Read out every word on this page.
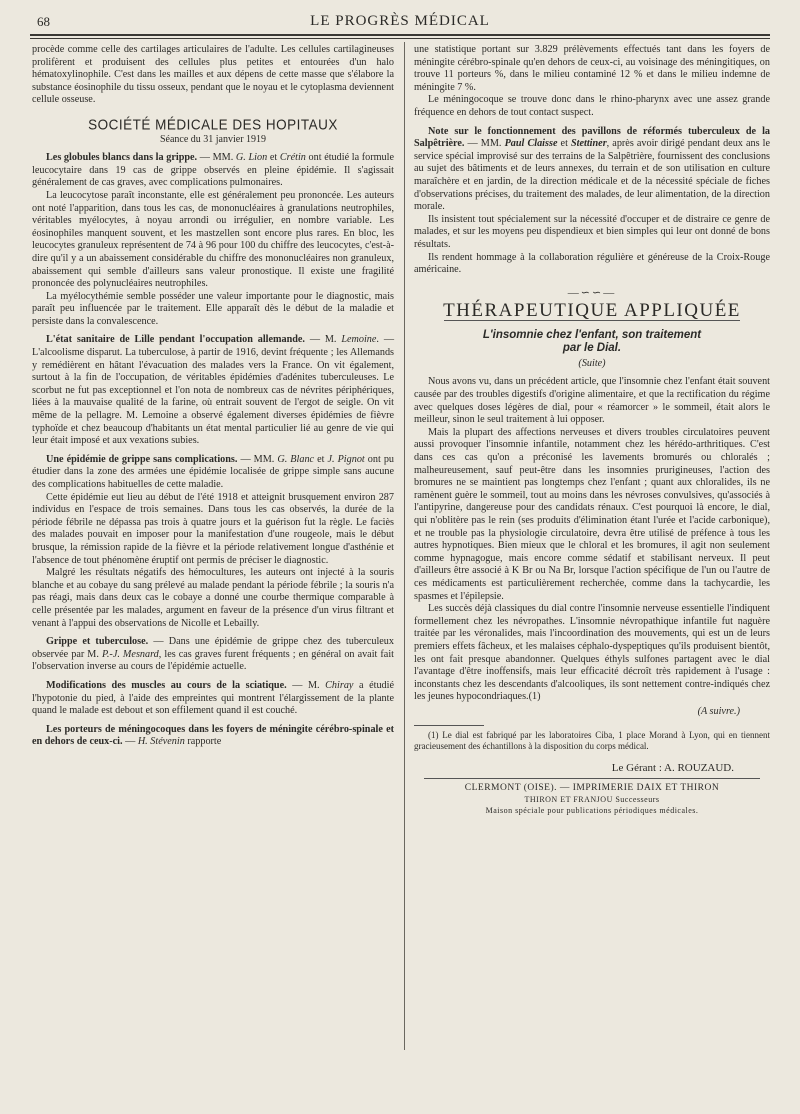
68	LE PROGRÈS MÉDICAL

procède comme celle des cartilages articulaires de l'adulte. Les cellules cartilagineuses prolifèrent et produisent des cellules plus petites et entourées d'un halo hématoxylinophile. C'est dans les mailles et aux dépens de cette masse que s'élabore la substance éosinophile du tissu osseux, pendant que le noyau et le cytoplasma deviennent cellule osseuse.

SOCIÉTÉ MÉDICALE DES HOPITAUX
Séance du 31 janvier 1919

Les globules blancs dans la grippe. — MM. G. Lion et Crétin ont étudié la formule leucocytaire dans 19 cas de grippe observés en pleine épidémie. Il s'agissait généralement de cas graves, avec complications pulmonaires.

La leucocytose paraît inconstante, elle est généralement peu prononcée. Les auteurs ont noté l'apparition, dans tous les cas, de mononucléaires à granulations neutrophiles, véritables myélocytes, à noyau arrondi ou irrégulier, en nombre variable. Les éosinophiles manquent souvent, et les mastzellen sont encore plus rares. En bloc, les leucocytes granuleux représentent de 74 à 96 pour 100 du chiffre des leucocytes, c'est-à-dire qu'il y a un abaissement considérable du chiffre des mononucléaires non granuleux, abaissement qui semble d'ailleurs sans valeur pronostique. Il existe une fragilité prononcée des polynucléaires neutrophiles.

La myélocythémie semble posséder une valeur importante pour le diagnostic, mais paraît peu influencée par le traitement. Elle apparaît dès le début de la maladie et persiste dans la convalescence.

L'état sanitaire de Lille pendant l'occupation allemande. — M. Lemoine. — L'alcoolisme disparut. La tuberculose, à partir de 1916, devint fréquente ; les Allemands y remédièrent en hâtant l'évacuation des malades vers la France. On vit également, surtout à la fin de l'occupation, de véritables épidémies d'adénites tuberculeuses. Le scorbut ne fut pas exceptionnel et l'on nota de nombreux cas de névrites périphériques, liées à la mauvaise qualité de la farine, où entrait souvent de l'ergot de seigle. On vit même de la pellagre. M. Lemoine a observé également diverses épidémies de fièvre typhoïde et chez beaucoup d'habitants un état mental particulier lié au genre de vie qui leur était imposé et aux vexations subies.

Une épidémie de grippe sans complications. — MM. G. Blanc et J. Pignot ont pu étudier dans la zone des armées une épidémie localisée de grippe simple sans aucune des complications habituelles de cette maladie.

Cette épidémie eut lieu au début de l'été 1918 et atteignit brusquement environ 287 individus en l'espace de trois semaines. Dans tous les cas observés, la durée de la période fébrile ne dépassa pas trois à quatre jours et la guérison fut la règle. Le faciès des malades pouvait en imposer pour la manifestation d'une rougeole, mais le début brusque, la rémission rapide de la fièvre et la période relativement longue d'asthénie et l'absence de tout phénomène éruptif ont permis de préciser le diagnostic.

Malgré les résultats négatifs des hémocultures, les auteurs ont injecté à la souris blanche et au cobaye du sang prélevé au malade pendant la période fébrile ; la souris n'a pas réagi, mais dans deux cas le cobaye a donné une courbe thermique comparable à celle présentée par les malades, argument en faveur de la présence d'un virus filtrant et venant à l'appui des observations de Nicolle et Lebailly.

Grippe et tuberculose. — Dans une épidémie de grippe chez des tuberculeux observée par M. P.-J. Mesnard, les cas graves furent fréquents ; en général on avait fait l'observation inverse au cours de l'épidémie actuelle.

Modifications des muscles au cours de la sciatique. — M. Chiray a étudié l'hypotonie du pied, à l'aide des empreintes qui montrent l'élargissement de la plante quand le malade est debout et son effilement quand il est couché.

Les porteurs de méningocoques dans les foyers de méningite cérébro-spinale et en dehors de ceux-ci. — H. Stévenin rapporte

une statistique portant sur 3.829 prélèvements effectués tant dans les foyers de méningite cérébro-spinale qu'en dehors de ceux-ci, au voisinage des méningitiques, on trouve 11 porteurs %, dans le milieu contaminé 12 % et dans le milieu indemne de méningite 7 %.

Le méningocoque se trouve donc dans le rhino-pharynx avec une assez grande fréquence en dehors de tout contact suspect.

Note sur le fonctionnement des pavillons de réformés tuberculeux de la Salpêtrière. — MM. Paul Claisse et Stettiner, après avoir dirigé pendant deux ans le service spécial improvisé sur des terrains de la Salpêtrière, fournissent des conclusions au sujet des bâtiments et de leurs annexes, du terrain et de son utilisation en culture maraîchère et en jardin, de la direction médicale et de la nécessité spéciale de fiches d'observations précises, du traitement des malades, de leur alimentation, de la direction morale.

Ils insistent tout spécialement sur la nécessité d'occuper et de distraire ce genre de malades, et sur les moyens peu dispendieux et bien simples qui leur ont donné de bons résultats.

Ils rendent hommage à la collaboration régulière et généreuse de la Croix-Rouge américaine.

—∽∽—
THÉRAPEUTIQUE APPLIQUÉE
L'insomnie chez l'enfant, son traitement
par le Dial.
(Suite)

Nous avons vu, dans un précédent article, que l'insomnie chez l'enfant était souvent causée par des troubles digestifs d'origine alimentaire, et que la rectification du régime avec quelques doses légères de dial, pour « réamorcer » le sommeil, était alors le meilleur, sinon le seul traitement à lui opposer.

Mais la plupart des affections nerveuses et divers troubles circulatoires peuvent aussi provoquer l'insomnie infantile, notamment chez les hérédo-arthritiques. C'est dans ces cas qu'on a préconisé les lavements bromurés ou chloralés ; malheureusement, sauf peut-être dans les insomnies prurigineuses, l'action des bromures ne se maintient pas longtemps chez l'enfant ; quant aux chloralides, ils ne ramènent guère le sommeil, tout au moins dans les névroses convulsives, qu'associés à l'antipyrine, dangereuse pour des candidats rénaux. C'est pourquoi là encore, le dial, qui n'oblitère pas le rein (ses produits d'élimination étant l'urée et l'acide carbonique), et ne trouble pas la physiologie circulatoire, devra être utilisé de préfence à tous les autres hypnotiques. Bien mieux que le chloral et les bromures, il agit non seulement comme hypnagogue, mais encore comme sédatif et stabilisant nerveux. Il peut d'ailleurs être associé à K Br ou Na Br, lorsque l'action spécifique de l'un ou l'autre de ces médicaments est particulièrement recherchée, comme dans la tachycardie, les spasmes et l'épilepsie.

Les succès déjà classiques du dial contre l'insomnie nerveuse essentielle l'indiquent formellement chez les névropathes. L'insomnie névropathique infantile fut naguère traitée par les véronalides, mais l'incoordination des mouvements, qui est un de leurs premiers effets fâcheux, et les malaises céphalo-dyspeptiques qu'ils produisent bientôt, les ont fait presque abandonner. Quelques éthyls sulfones partagent avec le dial l'avantage d'être inoffensifs, mais leur efficacité décroît très rapidement à l'usage : inconstants chez les descendants d'alcooliques, ils sont nettement contre-indiqués chez les jeunes hypocondriaques.(1)

(A suivre.)

(1) Le dial est fabriqué par les laboratoires Ciba, 1 place Morand à Lyon, qui en tiennent gracieusement des échantillons à la disposition du corps médical.

Le Gérant : A. ROUZAUD.
CLERMONT (OISE). — IMPRIMERIE DAIX ET THIRON
THIRON ET FRANJOU Successeurs
Maison spéciale pour publications périodiques médicales.
